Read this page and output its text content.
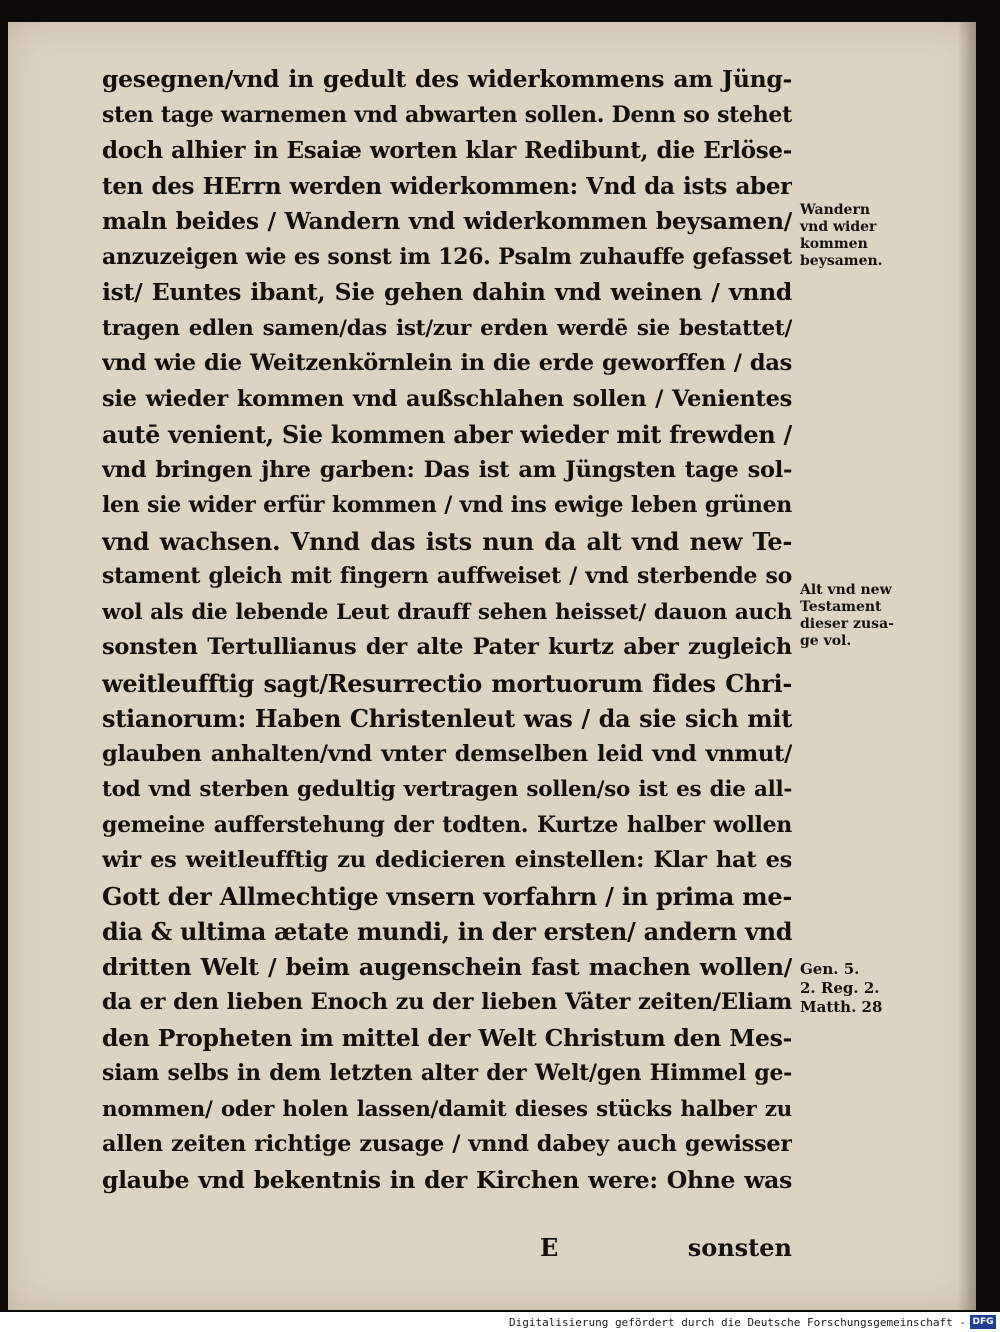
gesegnen/vnd in gedult des widerkommens am Jüng-
sten tage warnemen vnd abwarten sollen. Denn so stehet
doch alhier in Esaiæ worten klar Redibunt, die Erlöse-
ten des HErrn werden widerkommen: Vnd da ists aber
maln beides / Wandern vnd widerkommen beysamen/
anzuzeigen wie es sonst im 126. Psalm zuhauffe gefasset
ist/ Euntes ibant, Sie gehen dahin vnd weinen / vnnd
tragen edlen samen/das ist/zur erden werdē sie bestattet/
vnd wie die Weitzenkörnlein in die erde geworffen / das
sie wieder kommen vnd außschlahen sollen / Venientes
autē venient, Sie kommen aber wieder mit frewden /
vnd bringen jhre garben: Das ist am Jüngsten tage sol-
len sie wider erfür kommen / vnd ins ewige leben grünen
vnd wachsen. Vnnd das ists nun da alt vnd new Te-
stament gleich mit fingern auffweiset / vnd sterbende so
wol als die lebende Leut drauff sehen heisset/ dauon auch
sonsten Tertullianus der alte Pater kurtz aber zugleich
weitleufftig sagt/Resurrectio mortuorum fides Chri-
stianorum: Haben Christenleut was / da sie sich mit
glauben anhalten/vnd vnter demselben leid vnd vnmut/
tod vnd sterben gedultig vertragen sollen/so ist es die all-
gemeine aufferstehung der todten. Kurtze halber wollen
wir es weitleufftig zu dedicieren einstellen: Klar hat es
Gott der Allmechtige vnsern vorfahrn / in prima me-
dia & ultima ætate mundi, in der ersten/ andern vnd
dritten Welt / beim augenschein fast machen wollen/
da er den lieben Enoch zu der lieben Väter zeiten/Eliam
den Propheten im mittel der Welt Christum den Mes-
siam selbs in dem letzten alter der Welt/gen Himmel ge-
nommen/ oder holen lassen/damit dieses stücks halber zu
allen zeiten richtige zusage / vnnd dabey auch gewisser
glaube vnd bekentnis in der Kirchen were: Ohne was
E	sonsten
Wandern
vnd wider
kommen
beysamen.
Alt vnd new
Testament
dieser zusa-
ge vol.
Gen. 5.
2. Reg. 2.
Matth. 28
Digitalisierung gefördert durch die Deutsche Forschungsgemeinschaft - DFG
